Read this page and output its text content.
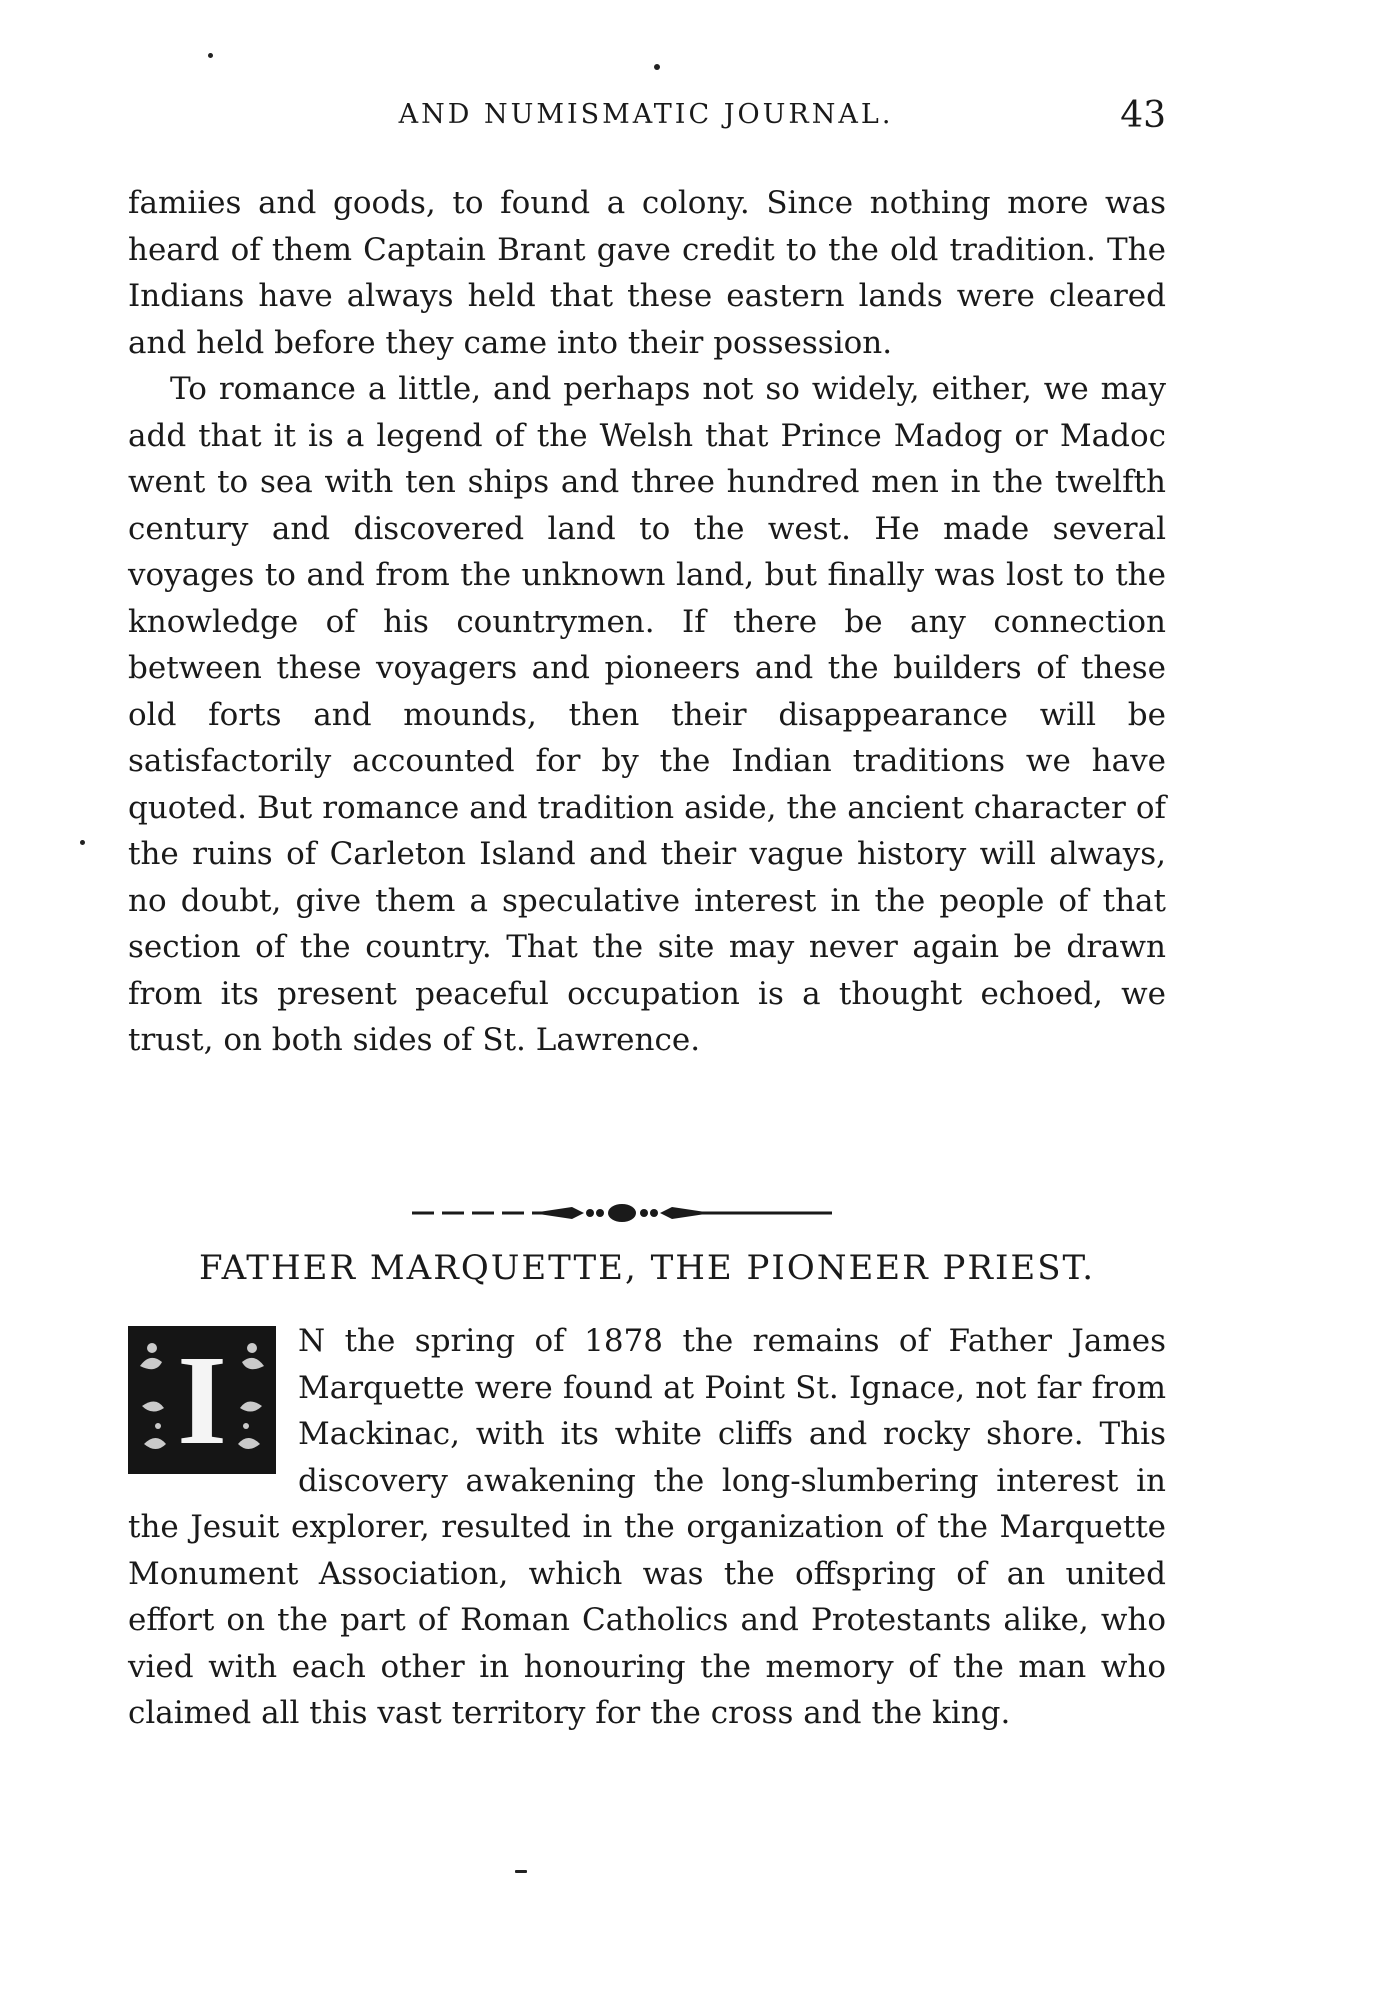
AND NUMISMATIC JOURNAL.	43

famiies and goods, to found a colony. Since nothing more was heard of them Captain Brant gave credit to the old tradition. The Indians have always held that these eastern lands were cleared and held before they came into their possession.

To romance a little, and perhaps not so widely, either, we may add that it is a legend of the Welsh that Prince Madog or Madoc went to sea with ten ships and three hundred men in the twelfth century and discovered land to the west. He made several voyages to and from the unknown land, but finally was lost to the knowledge of his countrymen. If there be any connection between these voyagers and pioneers and the builders of these old forts and mounds, then their disappearance will be satisfactorily accounted for by the Indian traditions we have quoted. But romance and tradition aside, the ancient character of the ruins of Carleton Island and their vague history will always, no doubt, give them a speculative interest in the people of that section of the country. That the site may never again be drawn from its present peaceful occupation is a thought echoed, we trust, on both sides of St. Lawrence.

FATHER MARQUETTE, THE PIONEER PRIEST.
I	N the spring of 1878 the remains of Father James Marquette were found at Point St. Ignace, not far from Mackinac, with its white cliffs and rocky shore. This discovery awakening the long-slumbering interest in the Jesuit explorer, resulted in the organization of the Marquette Monument Association, which was the offspring of an united effort on the part of Roman Catholics and Protestants alike, who vied with each other in honouring the memory of the man who claimed all this vast territory for the cross and the king.
